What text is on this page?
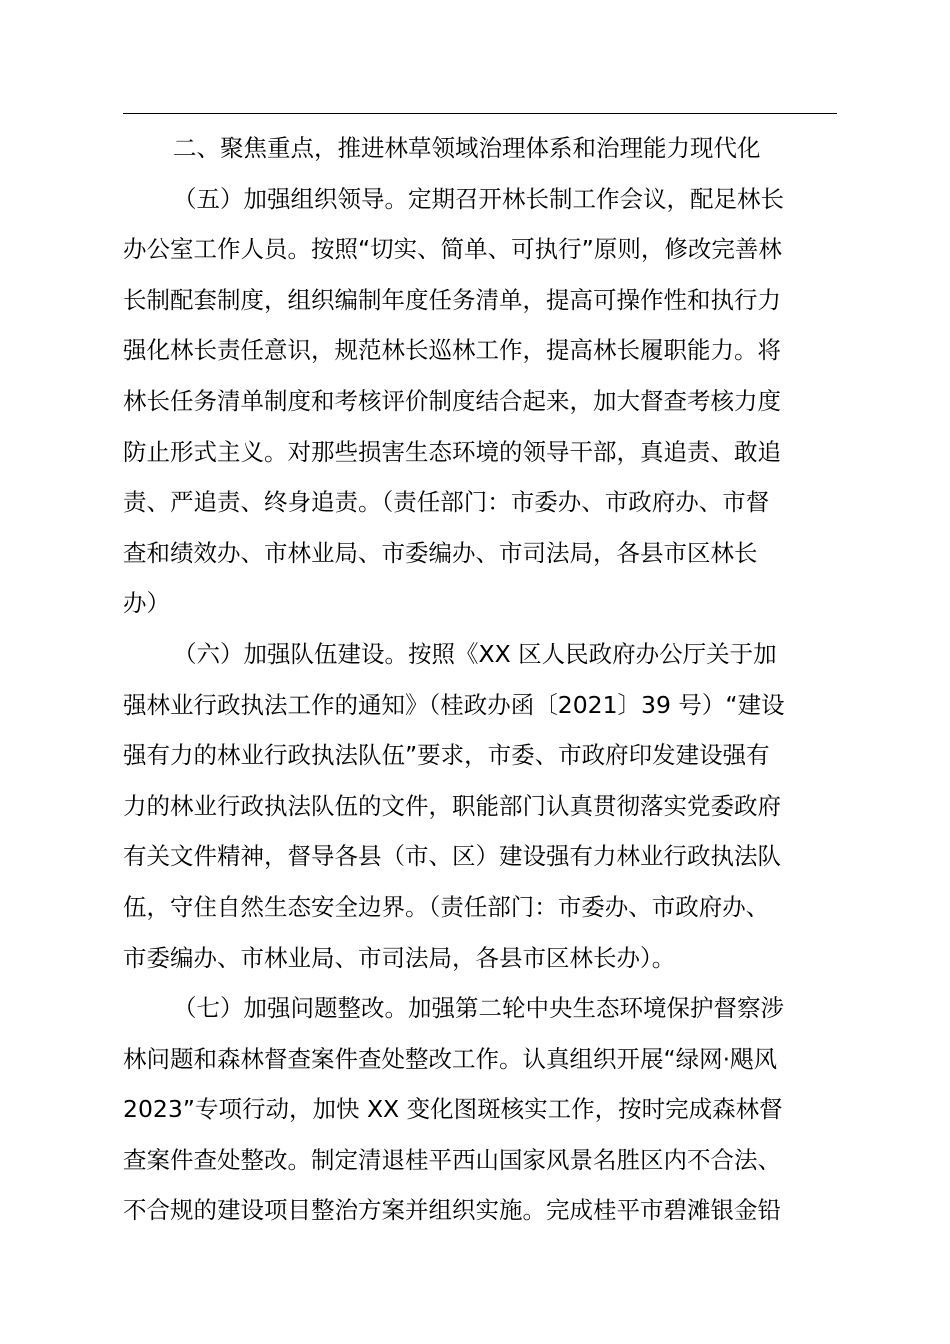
二、聚焦重点，推进林草领域治理体系和治理能力现代化
（五）加强组织领导。定期召开林长制工作会议，配足林长
办公室工作人员。按照“切实、简单、可执行”原则，修改完善林
长制配套制度，组织编制年度任务清单，提高可操作性和执行力
强化林长责任意识，规范林长巡林工作，提高林长履职能力。将
林长任务清单制度和考核评价制度结合起来，加大督查考核力度
防止形式主义。对那些损害生态环境的领导干部，真追责、敢追
责、严追责、终身追责。（责任部门：市委办、市政府办、市督
查和绩效办、市林业局、市委编办、市司法局，各县市区林长
办）
（六）加强队伍建设。按照《XX 区人民政府办公厅关于加
强林业行政执法工作的通知》（桂政办函〔2021〕39 号）“建设
强有力的林业行政执法队伍”要求，市委、市政府印发建设强有
力的林业行政执法队伍的文件，职能部门认真贯彻落实党委政府
有关文件精神，督导各县（市、区）建设强有力林业行政执法队
伍，守住自然生态安全边界。（责任部门：市委办、市政府办、
市委编办、市林业局、市司法局，各县市区林长办）。
（七）加强问题整改。加强第二轮中央生态环境保护督察涉
林问题和森林督查案件查处整改工作。认真组织开展“绿网·飓风
2023”专项行动，加快 XX 变化图斑核实工作，按时完成森林督
查案件查处整改。制定清退桂平西山国家风景名胜区内不合法、
不合规的建设项目整治方案并组织实施。完成桂平市碧滩银金铅
